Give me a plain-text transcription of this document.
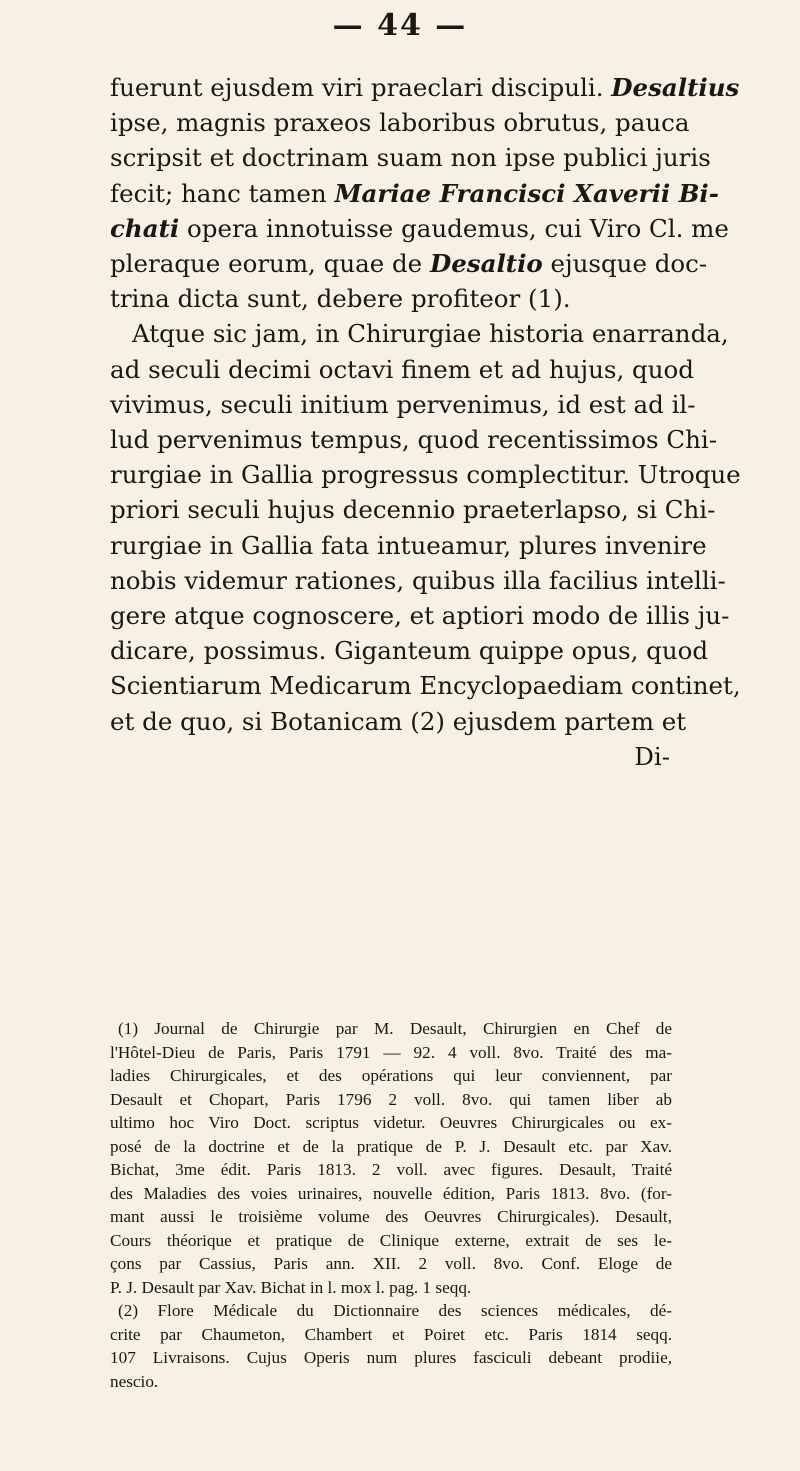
— 44 —
fuerunt ejusdem viri praeclari discipuli. Desaltius
ipse, magnis praxeos laboribus obrutus, pauca
scripsit et doctrinam suam non ipse publici juris
fecit; hanc tamen Mariae Francisci Xaverii Bi-
chati opera innotuisse gaudemus, cui Viro Cl. me
pleraque eorum, quae de Desaltio ejusque doc-
trina dicta sunt, debere profiteor (1).
Atque sic jam, in Chirurgiae historia enarranda,
ad seculi decimi octavi finem et ad hujus, quod
vivimus, seculi initium pervenimus, id est ad il-
lud pervenimus tempus, quod recentissimos Chi-
rurgiae in Gallia progressus complectitur. Utroque
priori seculi hujus decennio praeterlapso, si Chi-
rurgiae in Gallia fata intueamur, plures invenire
nobis videmur rationes, quibus illa facilius intelli-
gere atque cognoscere, et aptiori modo de illis ju-
dicare, possimus. Giganteum quippe opus, quod
Scientiarum Medicarum Encyclopaediam continet,
et de quo, si Botanicam (2) ejusdem partem et
Di-
(1) Journal de Chirurgie par M. Desault, Chirurgien en Chef de
l'Hôtel-Dieu de Paris, Paris 1791 — 92. 4 voll. 8vo. Traité des ma-
ladies Chirurgicales, et des opérations qui leur conviennent, par
Desault et Chopart, Paris 1796 2 voll. 8vo. qui tamen liber ab
ultimo hoc Viro Doct. scriptus videtur. Oeuvres Chirurgicales ou ex-
posé de la doctrine et de la pratique de P. J. Desault etc. par Xav.
Bichat, 3me édit. Paris 1813. 2 voll. avec figures. Desault, Traité
des Maladies des voies urinaires, nouvelle édition, Paris 1813. 8vo. (for-
mant aussi le troisième volume des Oeuvres Chirurgicales). Desault,
Cours théorique et pratique de Clinique externe, extrait de ses le-
çons par Cassius, Paris ann. XII. 2 voll. 8vo. Conf. Eloge de
P. J. Desault par Xav. Bichat in l. mox l. pag. 1 seqq.
(2) Flore Médicale du Dictionnaire des sciences médicales, dé-
crite par Chaumeton, Chambert et Poiret etc. Paris 1814 seqq.
107 Livraisons. Cujus Operis num plures fasciculi debeant prodiie,
nescio.
